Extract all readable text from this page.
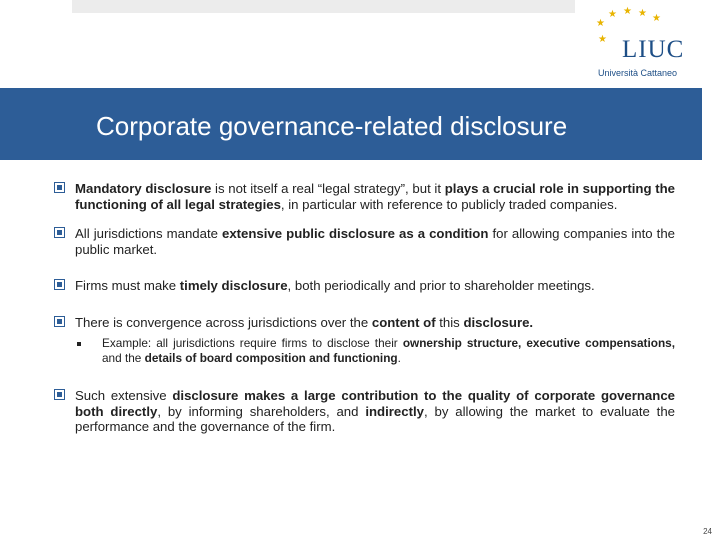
★
★ ★ ★ ★
★ LIUC
Università Cattaneo
Corporate governance-related disclosure
Mandatory disclosure is not itself a real “legal strategy”, but it plays a crucial role in supporting the functioning of all legal strategies, in particular with reference to publicly traded companies.
All jurisdictions mandate extensive public disclosure as a condition for allowing companies into the public market.
Firms must make timely disclosure, both periodically and prior to shareholder meetings.
There is convergence across jurisdictions over the content of this disclosure.
Example: all jurisdictions require firms to disclose their ownership structure, executive compensations, and the details of board composition and functioning.
Such extensive disclosure makes a large contribution to the quality of corporate governance both directly, by informing shareholders, and indirectly, by allowing the market to evaluate the performance and the governance of the firm.
24
